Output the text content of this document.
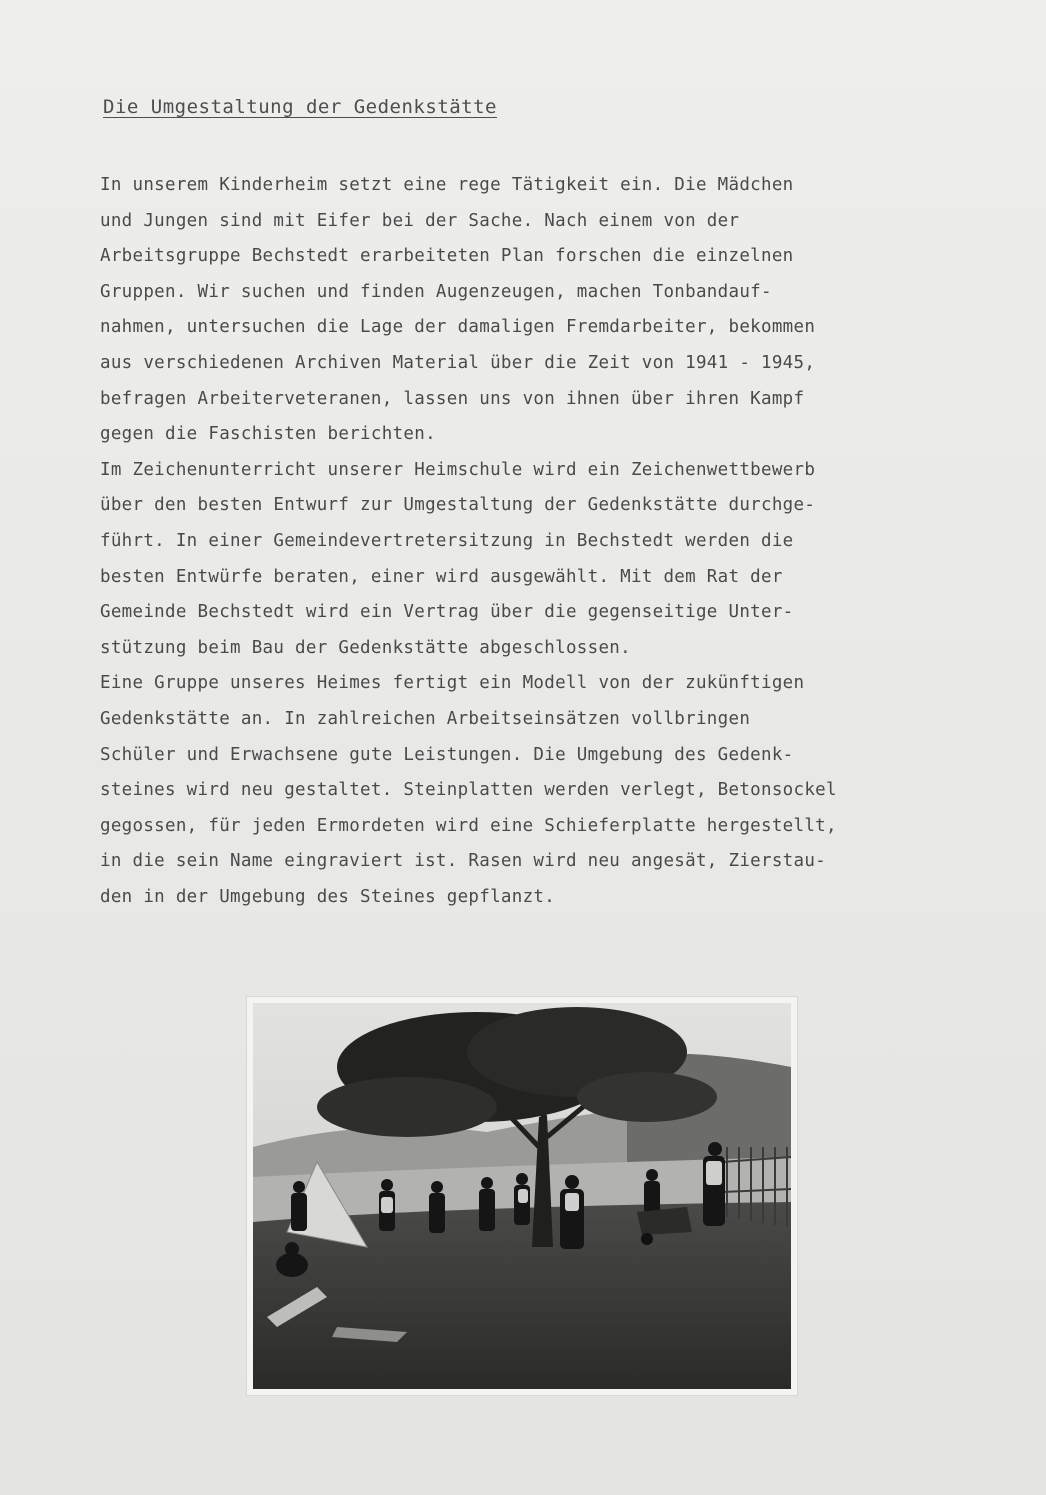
Die Umgestaltung der Gedenkstätte
In unserem Kinderheim setzt eine rege Tätigkeit ein. Die Mädchen
und Jungen sind mit Eifer bei der Sache. Nach einem von der
Arbeitsgruppe Bechstedt erarbeiteten Plan forschen die einzelnen
Gruppen. Wir suchen und finden Augenzeugen, machen Tonbandauf-
nahmen, untersuchen die Lage der damaligen Fremdarbeiter, bekommen
aus verschiedenen Archiven Material über die Zeit von 1941 - 1945,
befragen Arbeiterveteranen, lassen uns von ihnen über ihren Kampf
gegen die Faschisten berichten.
Im Zeichenunterricht unserer Heimschule wird ein Zeichenwettbewerb
über den besten Entwurf zur Umgestaltung der Gedenkstätte durchge-
führt. In einer Gemeindevertretersitzung in Bechstedt werden die
besten Entwürfe beraten, einer wird ausgewählt. Mit dem Rat der
Gemeinde Bechstedt wird ein Vertrag über die gegenseitige Unter-
stützung beim Bau der Gedenkstätte abgeschlossen.
Eine Gruppe unseres Heimes fertigt ein Modell von der zukünftigen
Gedenkstätte an. In zahlreichen Arbeitseinsätzen vollbringen
Schüler und Erwachsene gute Leistungen. Die Umgebung des Gedenk-
steines wird neu gestaltet. Steinplatten werden verlegt, Betonsockel
gegossen, für jeden Ermordeten wird eine Schieferplatte hergestellt,
in die sein Name eingraviert ist. Rasen wird neu angesät, Zierstau-
den in der Umgebung des Steines gepflanzt.
